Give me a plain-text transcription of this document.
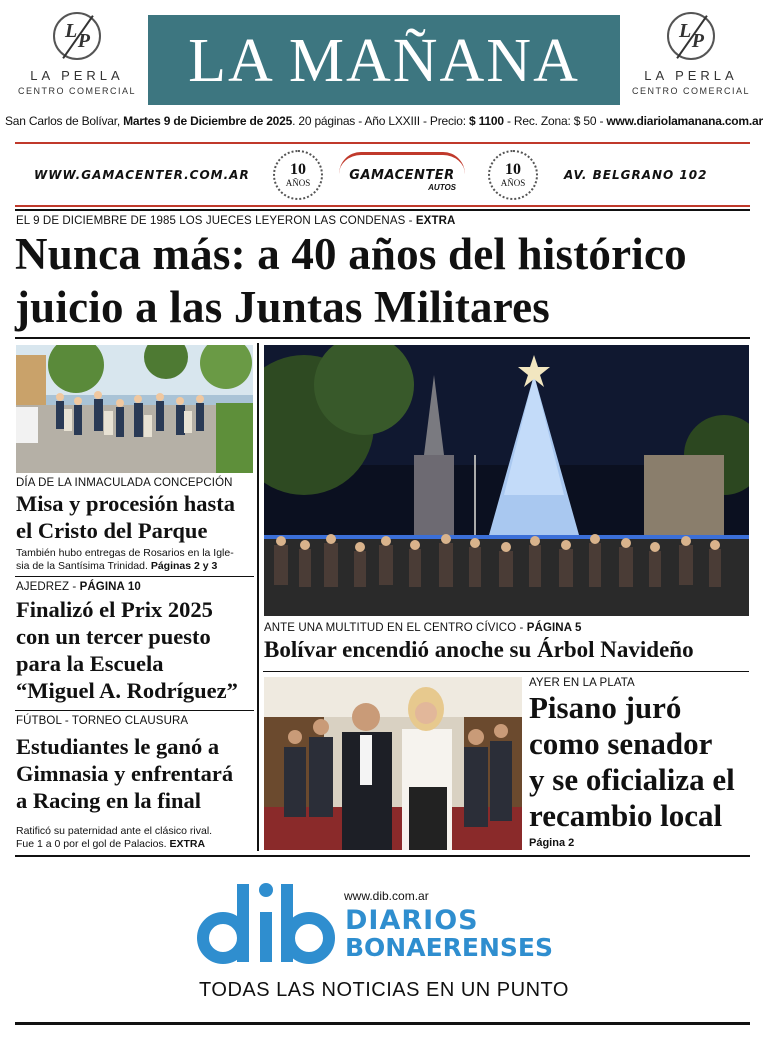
L P
LA PERLA
CENTRO COMERCIAL LA MAÑANA	L P
LA PERLA
CENTRO COMERCIAL
San Carlos de Bolívar, Martes 9 de Diciembre de 2025. 20 páginas - Año LXXIII - Precio: $ 1100 - Rec. Zona: $ 50 - www.diariolamanana.com.ar
WWW.GAMACENTER.COM.AR	10
AÑOS	GAMACENTER
AUTOS
10
AÑOS
AV. BELGRANO 102
EL 9 DE DICIEMBRE DE 1985 LOS JUECES LEYERON LAS CONDENAS - EXTRA
Nunca más: a 40 años del histórico
juicio a las Juntas Militares
DÍA DE LA INMACULADA CONCEPCIÓN
Misa y procesión hasta
el Cristo del Parque
También hubo entregas de Rosarios en la Igle-
sia de la Santísima Trinidad. Páginas 2 y 3
AJEDREZ - PÁGINA 10
Finalizó el Prix 2025
con un tercer puesto
para la Escuela
“Miguel A. Rodríguez”
FÚTBOL - TORNEO CLAUSURA
Estudiantes le ganó a
Gimnasia y enfrentará
a Racing en la final
Ratificó su paternidad ante el clásico rival.
Fue 1 a 0 por el gol de Palacios. EXTRA
ANTE UNA MULTITUD EN EL CENTRO CÍVICO - PÁGINA 5
Bolívar encendió anoche su Árbol Navideño
AYER EN LA PLATA
Pisano juró
como senador
y se oficializa el
recambio local
Página 2
www.dib.com.ar
DIARIOS
BONAERENSES
TODAS LAS NOTICIAS EN UN PUNTO
